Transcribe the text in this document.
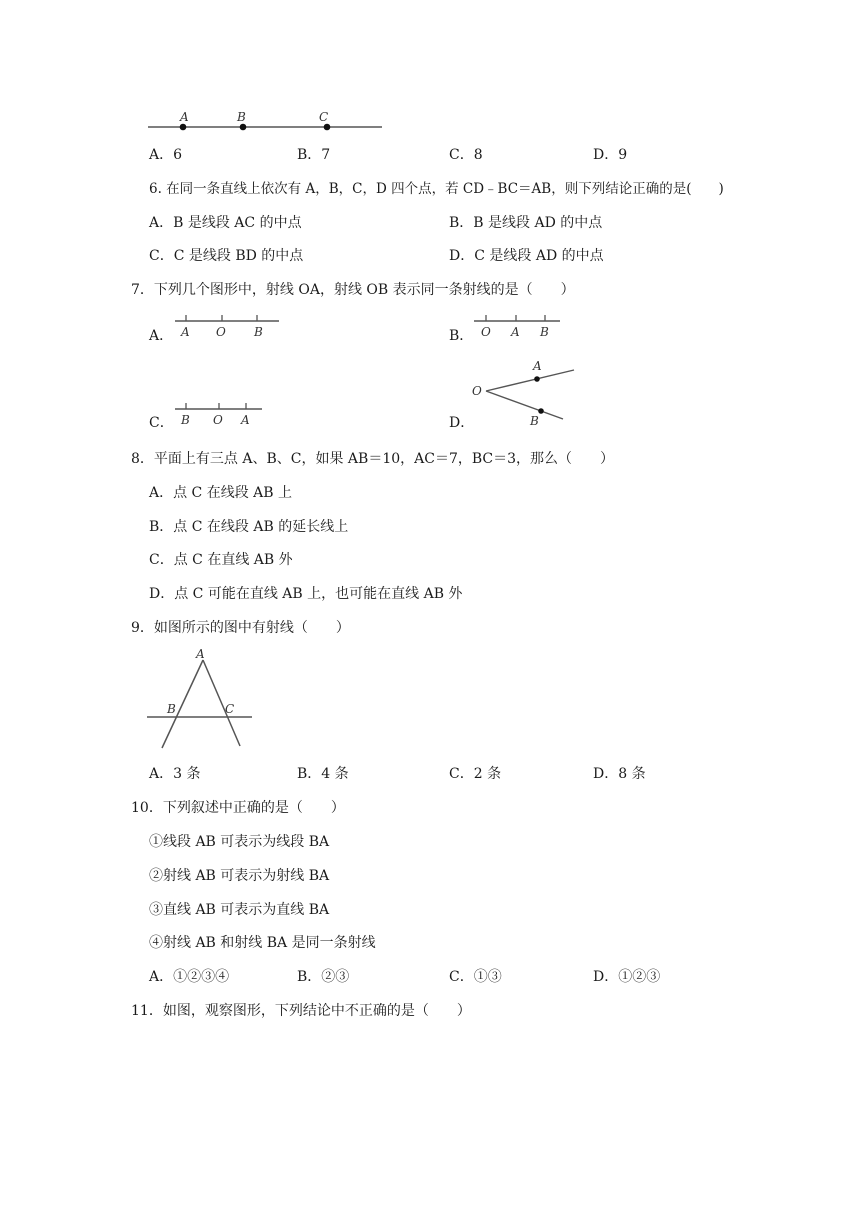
A	B	C
A．6	B．7	C．8	D．9
6. 在同一条直线上依次有 A，B，C，D 四个点，若 CD﹣BC＝AB，则下列结论正确的是(　　)
A．B 是线段 AC 的中点	B．B 是线段 AD 的中点
C．C 是线段 BD 的中点	D．C 是线段 AD 的中点
7．下列几个图形中，射线 OA，射线 OB 表示同一条射线的是（　　）
A．	B．
C．	D．
A O B	O A B
B O A
O
A
B
8．平面上有三点 A、B、C，如果 AB＝10，AC＝7，BC＝3，那么（　　）
A．点 C 在线段 AB 上
B．点 C 在线段 AB 的延长线上
C．点 C 在直线 AB 外
D．点 C 可能在直线 AB 上，也可能在直线 AB 外
9．如图所示的图中有射线（　　）
A
B	C
A．3 条	B．4 条	C．2 条	D．8 条
10．下列叙述中正确的是（　　）
①线段 AB 可表示为线段 BA
②射线 AB 可表示为射线 BA
③直线 AB 可表示为直线 BA
④射线 AB 和射线 BA 是同一条射线
A．①②③④	B．②③	C．①③	D．①②③
11．如图，观察图形，下列结论中不正确的是（　　）
